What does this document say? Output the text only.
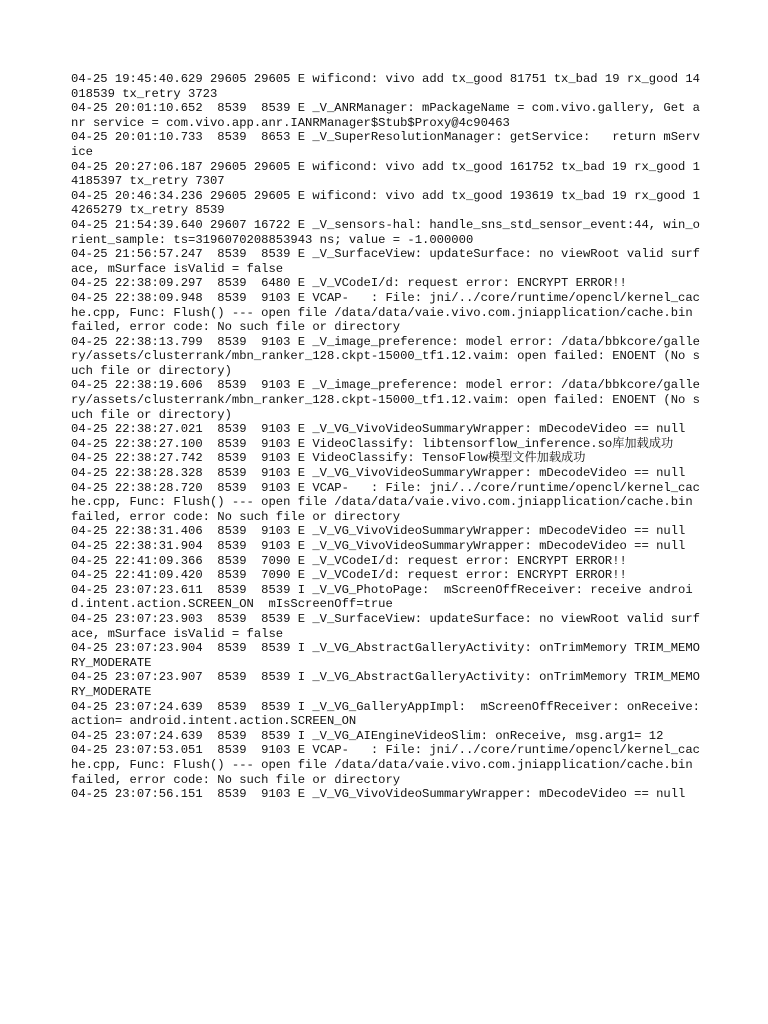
04-25 19:45:40.629 29605 29605 E wificond: vivo add tx_good 81751 tx_bad 19 rx_good 14018539 tx_retry 3723

04-25 20:01:10.652  8539  8539 E _V_ANRManager: mPackageName = com.vivo.gallery, Get anr service = com.vivo.app.anr.IANRManager$Stub$Proxy@4c90463

04-25 20:01:10.733  8539  8653 E _V_SuperResolutionManager: getService:   return mService

04-25 20:27:06.187 29605 29605 E wificond: vivo add tx_good 161752 tx_bad 19 rx_good 14185397 tx_retry 7307

04-25 20:46:34.236 29605 29605 E wificond: vivo add tx_good 193619 tx_bad 19 rx_good 14265279 tx_retry 8539

04-25 21:54:39.640 29607 16722 E _V_sensors-hal: handle_sns_std_sensor_event:44, win_orient_sample: ts=3196070208853943 ns; value = -1.000000

04-25 21:56:57.247  8539  8539 E _V_SurfaceView: updateSurface: no viewRoot valid surface, mSurface isValid = false

04-25 22:38:09.297  8539  6480 E _V_VCodeI/d: request error: ENCRYPT ERROR!!

04-25 22:38:09.948  8539  9103 E VCAP-   : File: jni/../core/runtime/opencl/kernel_cache.cpp, Func: Flush() --- open file /data/data/vaie.vivo.com.jniapplication/cache.bin failed, error code: No such file or directory

04-25 22:38:13.799  8539  9103 E _V_image_preference: model error: /data/bbkcore/gallery/assets/clusterrank/mbn_ranker_128.ckpt-15000_tf1.12.vaim: open failed: ENOENT (No such file or directory)

04-25 22:38:19.606  8539  9103 E _V_image_preference: model error: /data/bbkcore/gallery/assets/clusterrank/mbn_ranker_128.ckpt-15000_tf1.12.vaim: open failed: ENOENT (No such file or directory)

04-25 22:38:27.021  8539  9103 E _V_VG_VivoVideoSummaryWrapper: mDecodeVideo == null

04-25 22:38:27.100  8539  9103 E VideoClassify: libtensorflow_inference.so库加载成功

04-25 22:38:27.742  8539  9103 E VideoClassify: TensoFlow模型文件加载成功

04-25 22:38:28.328  8539  9103 E _V_VG_VivoVideoSummaryWrapper: mDecodeVideo == null

04-25 22:38:28.720  8539  9103 E VCAP-   : File: jni/../core/runtime/opencl/kernel_cache.cpp, Func: Flush() --- open file /data/data/vaie.vivo.com.jniapplication/cache.bin failed, error code: No such file or directory

04-25 22:38:31.406  8539  9103 E _V_VG_VivoVideoSummaryWrapper: mDecodeVideo == null

04-25 22:38:31.904  8539  9103 E _V_VG_VivoVideoSummaryWrapper: mDecodeVideo == null

04-25 22:41:09.366  8539  7090 E _V_VCodeI/d: request error: ENCRYPT ERROR!!

04-25 22:41:09.420  8539  7090 E _V_VCodeI/d: request error: ENCRYPT ERROR!!

04-25 23:07:23.611  8539  8539 I _V_VG_PhotoPage:  mScreenOffReceiver: receive android.intent.action.SCREEN_ON  mIsScreenOff=true

04-25 23:07:23.903  8539  8539 E _V_SurfaceView: updateSurface: no viewRoot valid surface, mSurface isValid = false

04-25 23:07:23.904  8539  8539 I _V_VG_AbstractGalleryActivity: onTrimMemory TRIM_MEMORY_MODERATE

04-25 23:07:23.907  8539  8539 I _V_VG_AbstractGalleryActivity: onTrimMemory TRIM_MEMORY_MODERATE

04-25 23:07:24.639  8539  8539 I _V_VG_GalleryAppImpl:  mScreenOffReceiver: onReceive: action= android.intent.action.SCREEN_ON

04-25 23:07:24.639  8539  8539 I _V_VG_AIEngineVideoSlim: onReceive, msg.arg1= 12

04-25 23:07:53.051  8539  9103 E VCAP-   : File: jni/../core/runtime/opencl/kernel_cache.cpp, Func: Flush() --- open file /data/data/vaie.vivo.com.jniapplication/cache.bin failed, error code: No such file or directory

04-25 23:07:56.151  8539  9103 E _V_VG_VivoVideoSummaryWrapper: mDecodeVideo == null
